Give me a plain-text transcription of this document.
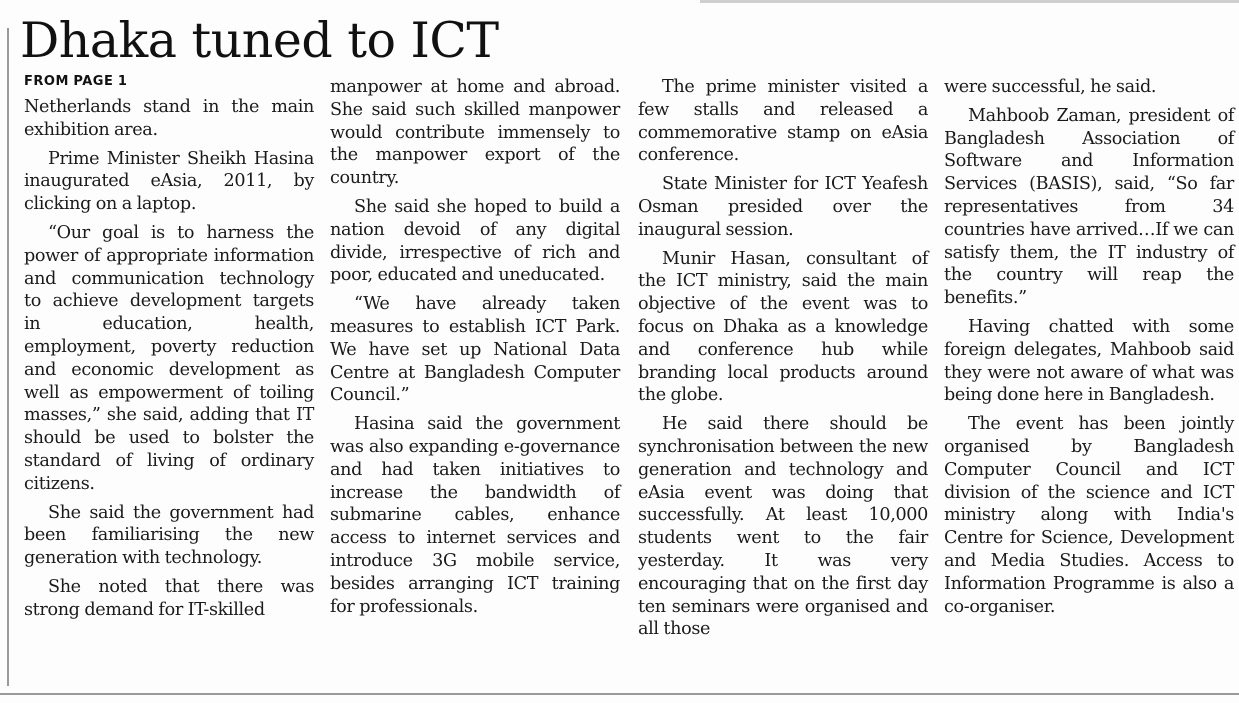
Dhaka tuned to ICT

FROM PAGE 1

Netherlands stand in the main exhibition area.

Prime Minister Sheikh Hasina inaugurated eAsia, 2011, by clicking on a laptop.

“Our goal is to harness the power of appropriate information and communication technology to achieve development targets in education, health, employment, poverty reduction and economic development as well as empowerment of toiling masses,” she said, adding that IT should be used to bolster the standard of living of ordinary citizens.

She said the government had been familiarising the new generation with technology.

She noted that there was strong demand for IT-skilled

manpower at home and abroad. She said such skilled manpower would contribute immensely to the manpower export of the country.

She said she hoped to build a nation devoid of any digital divide, irrespective of rich and poor, educated and uneducated.

“We have already taken measures to establish ICT Park. We have set up National Data Centre at Bangladesh Computer Council.”

Hasina said the government was also expanding e-governance and had taken initiatives to increase the bandwidth of submarine cables, enhance access to internet services and introduce 3G mobile service, besides arranging ICT training for professionals.

The prime minister visited a few stalls and released a commemorative stamp on eAsia conference.

State Minister for ICT Yeafesh Osman presided over the inaugural session.

Munir Hasan, consultant of the ICT ministry, said the main objective of the event was to focus on Dhaka as a knowledge and conference hub while branding local products around the globe.

He said there should be synchronisation between the new generation and technology and eAsia event was doing that successfully. At least 10,000 students went to the fair yesterday. It was very encouraging that on the first day ten seminars were organised and all those

were successful, he said.

Mahboob Zaman, president of Bangladesh Association of Software and Information Services (BASIS), said, “So far representatives from 34 countries have arrived…If we can satisfy them, the IT industry of the country will reap the benefits.”

Having chatted with some foreign delegates, Mahboob said they were not aware of what was being done here in Bangladesh.

The event has been jointly organised by Bangladesh Computer Council and ICT division of the science and ICT ministry along with India's Centre for Science, Development and Media Studies. Access to Information Programme is also a co-organiser.
